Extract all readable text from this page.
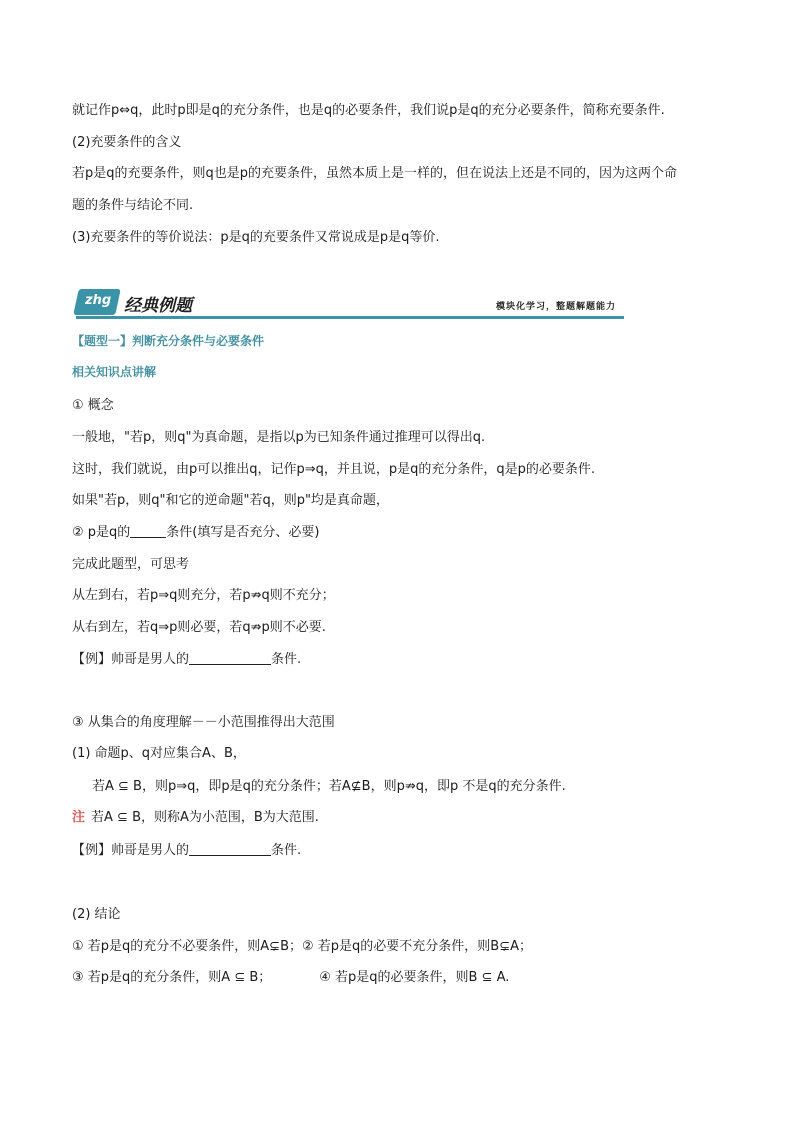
就记作p⇔q，此时p即是q的充分条件，也是q的必要条件，我们说p是q的充分必要条件，简称充要条件.
(2)充要条件的含义
若p是q的充要条件，则q也是p的充要条件，虽然本质上是一样的，但在说法上还是不同的，因为这两个命
题的条件与结论不同.
(3)充要条件的等价说法：p是q的充要条件又常说成是p是q等价.
zhg 经典例题	模块化学习，整题解题能力
【题型一】判断充分条件与必要条件
相关知识点讲解
① 概念
一般地，"若p，则q"为真命题，是指以p为已知条件通过推理可以得出q.
这时，我们就说，由p可以推出q，记作p⇒q，并且说，p是q的充分条件，q是p的必要条件.
如果"若p，则q"和它的逆命题"若q，则p"均是真命题，
② p是q的	条件(填写是否充分、必要)
完成此题型，可思考
从左到右，若p⇒q则充分，若p⇏q则不充分；
从右到左，若q⇒p则必要，若q⇏p则不必要.
【例】帅哥是男人的	条件.
③ 从集合的角度理解－－小范围推得出大范围
(1) 命题p、q对应集合A、B，
若A ⊆ B，则p⇒q，即p是q的充分条件；若A⊈B，则p⇏q，即p 不是q的充分条件.
注 若A ⊆ B，则称A为小范围，B为大范围.
【例】帅哥是男人的	条件.
(2) 结论
① 若p是q的充分不必要条件，则A⊊B；② 若p是q的必要不充分条件，则B⊊A；
③ 若p是q的充分条件，则A ⊆ B；	④ 若p是q的必要条件，则B ⊆ A.
